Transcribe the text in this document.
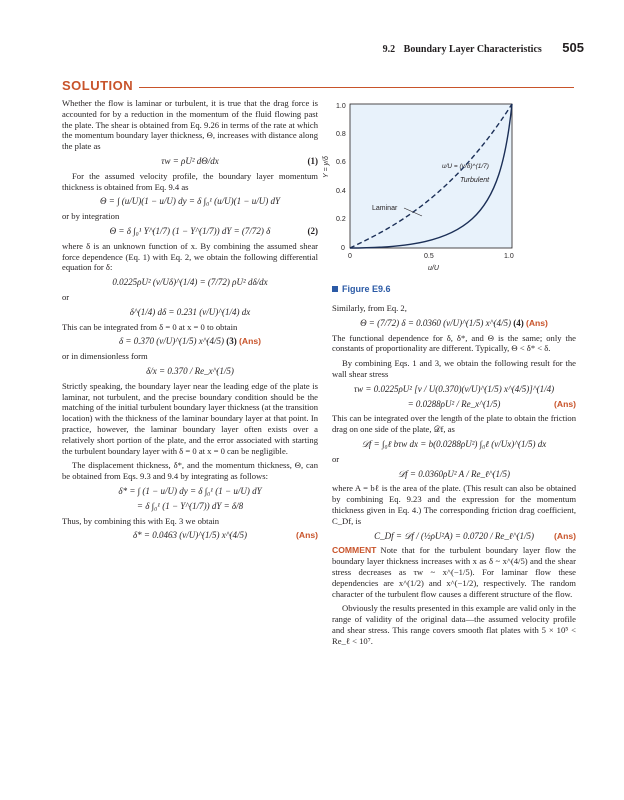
9.2 Boundary Layer Characteristics 505
SOLUTION

Whether the flow is laminar or turbulent, it is true that the drag force is accounted for by a reduction in the momentum of the fluid flowing past the plate. The shear is obtained from Eq. 9.26 in terms of the rate at which the momentum boundary layer thickness, Θ, increases with distance along the plate as

τw = ρU² dΘ/dx	(1)

For the assumed velocity profile, the boundary layer momentum thickness is obtained from Eq. 9.4 as

Θ = ∫ (u/U)(1 − u/U) dy = δ ∫₀¹ (u/U)(1 − u/U) dY

or by integration

Θ = δ ∫₀¹ Y^(1/7) (1 − Y^(1/7)) dY = (7/72) δ	(2)

where δ is an unknown function of x. By combining the assumed shear force dependence (Eq. 1) with Eq. 2, we obtain the following differential equation for δ:

0.0225ρU² (ν/Uδ)^(1/4) = (7/72) ρU² dδ/dx

or

δ^(1/4) dδ = 0.231 (ν/U)^(1/4) dx

This can be integrated from δ = 0 at x = 0 to obtain

δ = 0.370 (ν/U)^(1/5) x^(4/5) (3) (Ans)

or in dimensionless form

δ/x = 0.370 / Re_x^(1/5)

Strictly speaking, the boundary layer near the leading edge of the plate is laminar, not turbulent, and the precise boundary condition should be the matching of the initial turbulent boundary layer thickness (at the transition location) with the thickness of the laminar boundary layer at that point. In practice, however, the laminar boundary layer often exists over a relatively short portion of the plate, and the error associated with starting the turbulent boundary layer with δ = 0 at x = 0 can be negligible.

The displacement thickness, δ*, and the momentum thickness, Θ, can be obtained from Eqs. 9.3 and 9.4 by integrating as follows:

δ* = ∫ (1 − u/U) dy = δ ∫₀¹ (1 − u/U) dY
= δ ∫₀¹ (1 − Y^(1/7)) dY = δ/8

Thus, by combining this with Eq. 3 we obtain

δ* = 0.0463 (ν/U)^(1/5) x^(4/5)	(Ans)
1.0
0.8
0.6
0.4
0.2
0
0	0.5	1.0
u/U
Y = y/δ
Turbulent
Laminar
u/U = (y/δ)^(1/7)
Figure E9.6

Similarly, from Eq. 2,

Θ = (7/72) δ = 0.0360 (ν/U)^(1/5) x^(4/5) (4) (Ans)

The functional dependence for δ, δ*, and Θ is the same; only the constants of proportionality are different. Typically, Θ < δ* < δ.

By combining Eqs. 1 and 3, we obtain the following result for the wall shear stress

τw = 0.0225ρU² [ν / U(0.370)(ν/U)^(1/5) x^(4/5)]^(1/4)
= 0.0288ρU² / Re_x^(1/5)	(Ans)

This can be integrated over the length of the plate to obtain the friction drag on one side of the plate, 𝒟f, as

𝒟f = ∫₀ℓ bτw dx = b(0.0288ρU²) ∫₀ℓ (ν/Ux)^(1/5) dx

or

𝒟f = 0.0360ρU² A / Re_ℓ^(1/5)

where A = bℓ is the area of the plate. (This result can also be obtained by combining Eq. 9.23 and the expression for the momentum thickness given in Eq. 4.) The corresponding friction drag coefficient, C_Df, is

C_Df = 𝒟f / (½ρU²A) = 0.0720 / Re_ℓ^(1/5) (Ans)

COMMENT Note that for the turbulent boundary layer flow the boundary layer thickness increases with x as δ ~ x^(4/5) and the shear stress decreases as τw ~ x^(−1/5). For laminar flow these dependencies are x^(1/2) and x^(−1/2), respectively. The random character of the turbulent flow causes a different structure of the flow.

Obviously the results presented in this example are valid only in the range of validity of the original data—the assumed velocity profile and shear stress. This range covers smooth flat plates with 5 × 10⁵ < Re_ℓ < 10⁷.
